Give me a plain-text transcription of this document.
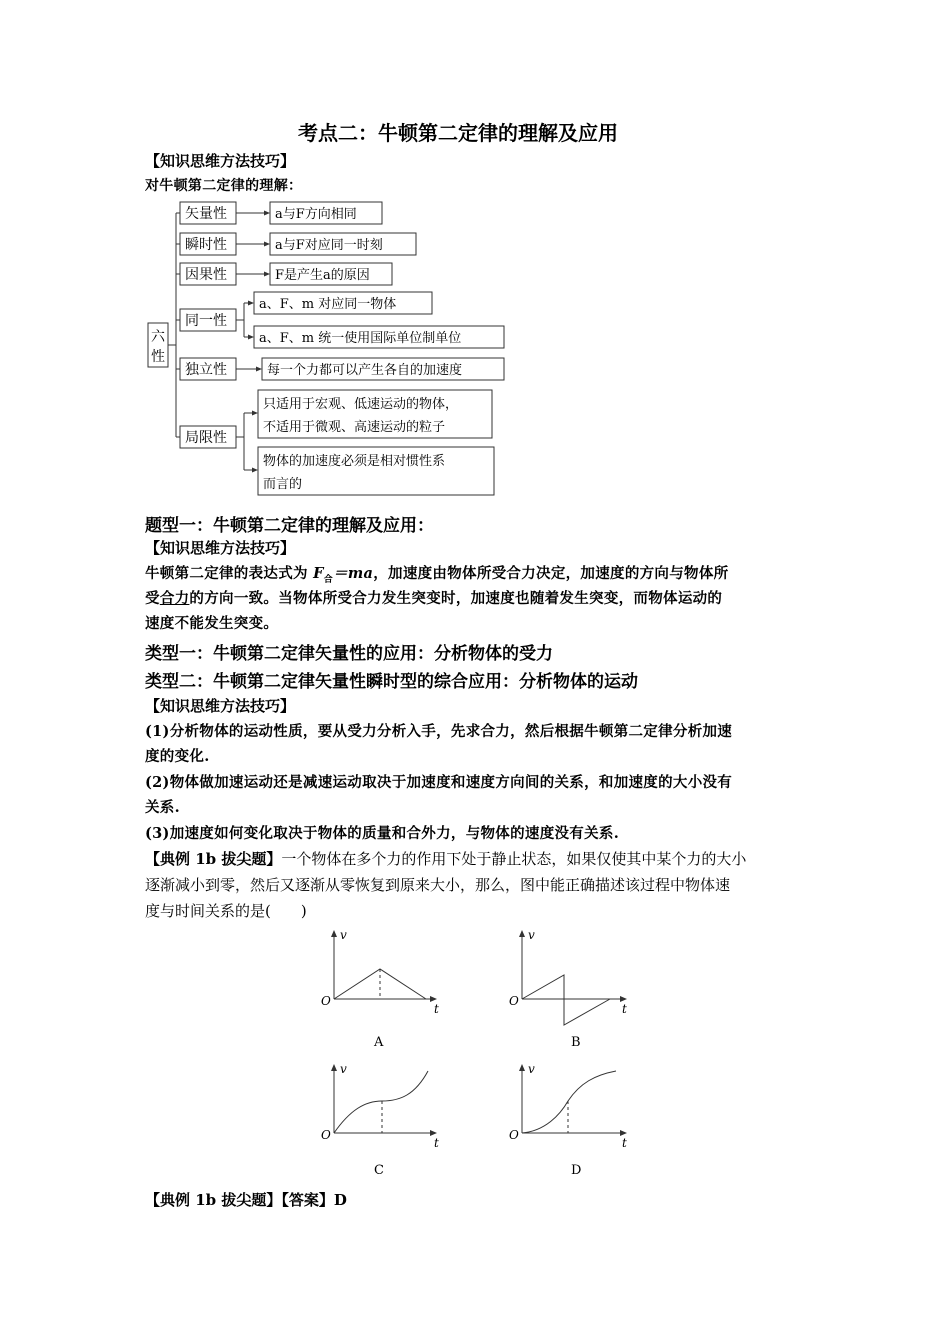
考点二：牛顿第二定律的理解及应用
【知识思维方法技巧】
对牛顿第二定律的理解：
六
性
矢量性
瞬时性
因果性
同一性
独立性
局限性
a与F方向相同
a与F对应同一时刻
F是产生a的原因
a、F、m 对应同一物体
a、F、m 统一使用国际单位制单位
每一个力都可以产生各自的加速度
只适用于宏观、低速运动的物体，
不适用于微观、高速运动的粒子
物体的加速度必须是相对惯性系
而言的
题型一：牛顿第二定律的理解及应用：
【知识思维方法技巧】
牛顿第二定律的表达式为 $F_合=ma$，加速度由物体所受合力决定，加速度的方向与物体所
受合力的方向一致。当物体所受合力发生突变时，加速度也随着发生突变，而物体运动的
速度不能发生突变。
类型一：牛顿第二定律矢量性的应用：分析物体的受力
类型二：牛顿第二定律矢量性瞬时型的综合应用：分析物体的运动
【知识思维方法技巧】
(1)分析物体的运动性质，要从受力分析入手，先求合力，然后根据牛顿第二定律分析加速
度的变化.
(2)物体做加速运动还是减速运动取决于加速度和速度方向间的关系，和加速度的大小没有
关系.
(3)加速度如何变化取决于物体的质量和合外力，与物体的速度没有关系.
【典例 1b 拔尖题】一个物体在多个力的作用下处于静止状态，如果仅使其中某个力的大小
逐渐减小到零，然后又逐渐从零恢复到原来大小，那么，图中能正确描述该过程中物体速
度与时间关系的是(　　)
v
t
O
v
t
O
v
t
O
v
t
O
A	B
C	D
【典例 1b 拔尖题】【答案】D
